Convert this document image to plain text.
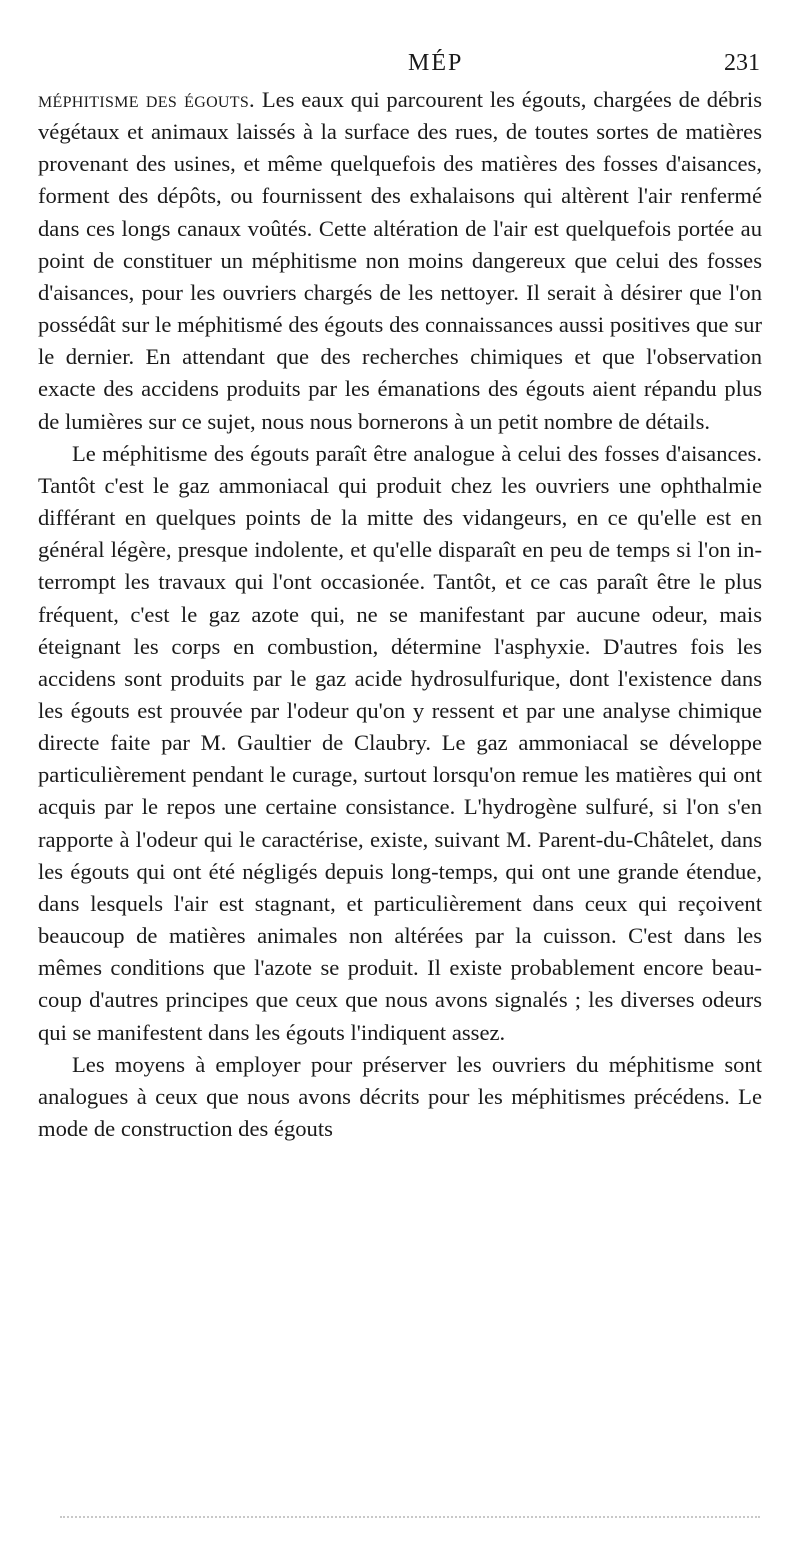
MÉP	231

méphitisme des égouts. Les eaux qui parcourent les égouts, chargées de débris végétaux et animaux laissés à la surface des rues, de toutes sortes de matières provenant des usines, et même quelquefois des matières des fosses d'aisances, forment des dépôts, ou fournissent des exhalaisons qui altèrent l'air renfermé dans ces longs canaux voûtés. Cette altération de l'air est quelquefois portée au point de constituer un méphitisme non moins dangereux que celui des fosses d'aisances, pour les ouvriers chargés de les nettoyer. Il serait à désirer que l'on possédât sur le méphitismé des égouts des connaissances aussi positives que sur le dernier. En attendant que des recherches chimiques et que l'observation exacte des accidens produits par les émanations des égouts aient répandu plus de lumières sur ce sujet, nous nous bornerons à un petit nombre de détails.

Le méphitisme des égouts paraît être analogue à celui des fosses d'aisances. Tantôt c'est le gaz ammoniacal qui produit chez les ouvriers une ophthalmie différant en quelques points de la mitte des vidangeurs, en ce qu'elle est en général légère, presque indolente, et qu'elle disparaît en peu de temps si l'on interrompt les travaux qui l'ont occasionée. Tantôt, et ce cas paraît être le plus fréquent, c'est le gaz azote qui, ne se manifestant par aucune odeur, mais éteignant les corps en combustion, détermine l'asphyxie. D'autres fois les accidens sont produits par le gaz acide hydrosulfurique, dont l'existence dans les égouts est prouvée par l'odeur qu'on y ressent et par une analyse chimique directe faite par M. Gaultier de Claubry. Le gaz ammoniacal se développe particulièrement pendant le curage, surtout lorsqu'on remue les matières qui ont acquis par le repos une certaine consistance. L'hydrogène sulfuré, si l'on s'en rapporte à l'odeur qui le caractérise, existe, suivant M. Parent-du-Châtelet, dans les égouts qui ont été négligés depuis long-temps, qui ont une grande étendue, dans lesquels l'air est stagnant, et particulièrement dans ceux qui reçoivent beaucoup de matières animales non altérées par la cuisson. C'est dans les mêmes conditions que l'azote se produit. Il existe probablement encore beaucoup d'autres principes que ceux que nous avons signalés ; les diverses odeurs qui se manifestent dans les égouts l'indiquent assez.

Les moyens à employer pour préserver les ouvriers du méphitisme sont analogues à ceux que nous avons décrits pour les méphitismes précédens. Le mode de construction des égouts
